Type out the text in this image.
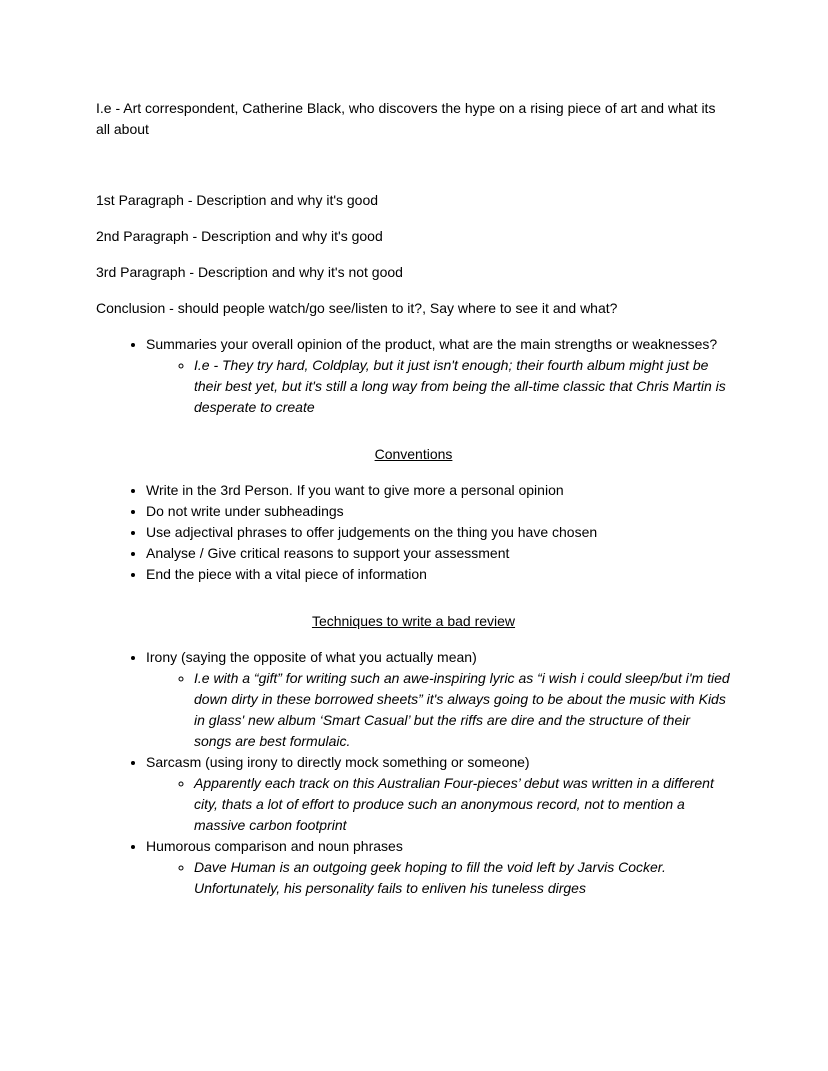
I.e - Art correspondent, Catherine Black, who discovers the hype on a rising piece of art and what its all about

1st Paragraph - Description and why it's good

2nd Paragraph - Description and why it's good

3rd Paragraph - Description and why it's not good

Conclusion - should people watch/go see/listen to it?, Say where to see it and what?

• Summaries your overall opinion of the product, what are the main strengths or weaknesses?
◦ I.e - They try hard, Coldplay, but it just isn't enough; their fourth album might just be their best yet, but it's still a long way from being the all-time classic that Chris Martin is desperate to create
Conventions
• Write in the 3rd Person. If you want to give more a personal opinion
• Do not write under subheadings
• Use adjectival phrases to offer judgements on the thing you have chosen
• Analyse / Give critical reasons to support your assessment
• End the piece with a vital piece of information
Techniques to write a bad review
• Irony (saying the opposite of what you actually mean)
◦ I.e with a “gift” for writing such an awe-inspiring lyric as “i wish i could sleep/but i'm tied down dirty in these borrowed sheets” it's always going to be about the music with Kids in glass' new album ‘Smart Casual’ but the riffs are dire and the structure of their songs are best formulaic.
• Sarcasm (using irony to directly mock something or someone)
◦ Apparently each track on this Australian Four-pieces’ debut was written in a different city, thats a lot of effort to produce such an anonymous record, not to mention a massive carbon footprint
• Humorous comparison and noun phrases
◦ Dave Human is an outgoing geek hoping to fill the void left by Jarvis Cocker. Unfortunately, his personality fails to enliven his tuneless dirges
